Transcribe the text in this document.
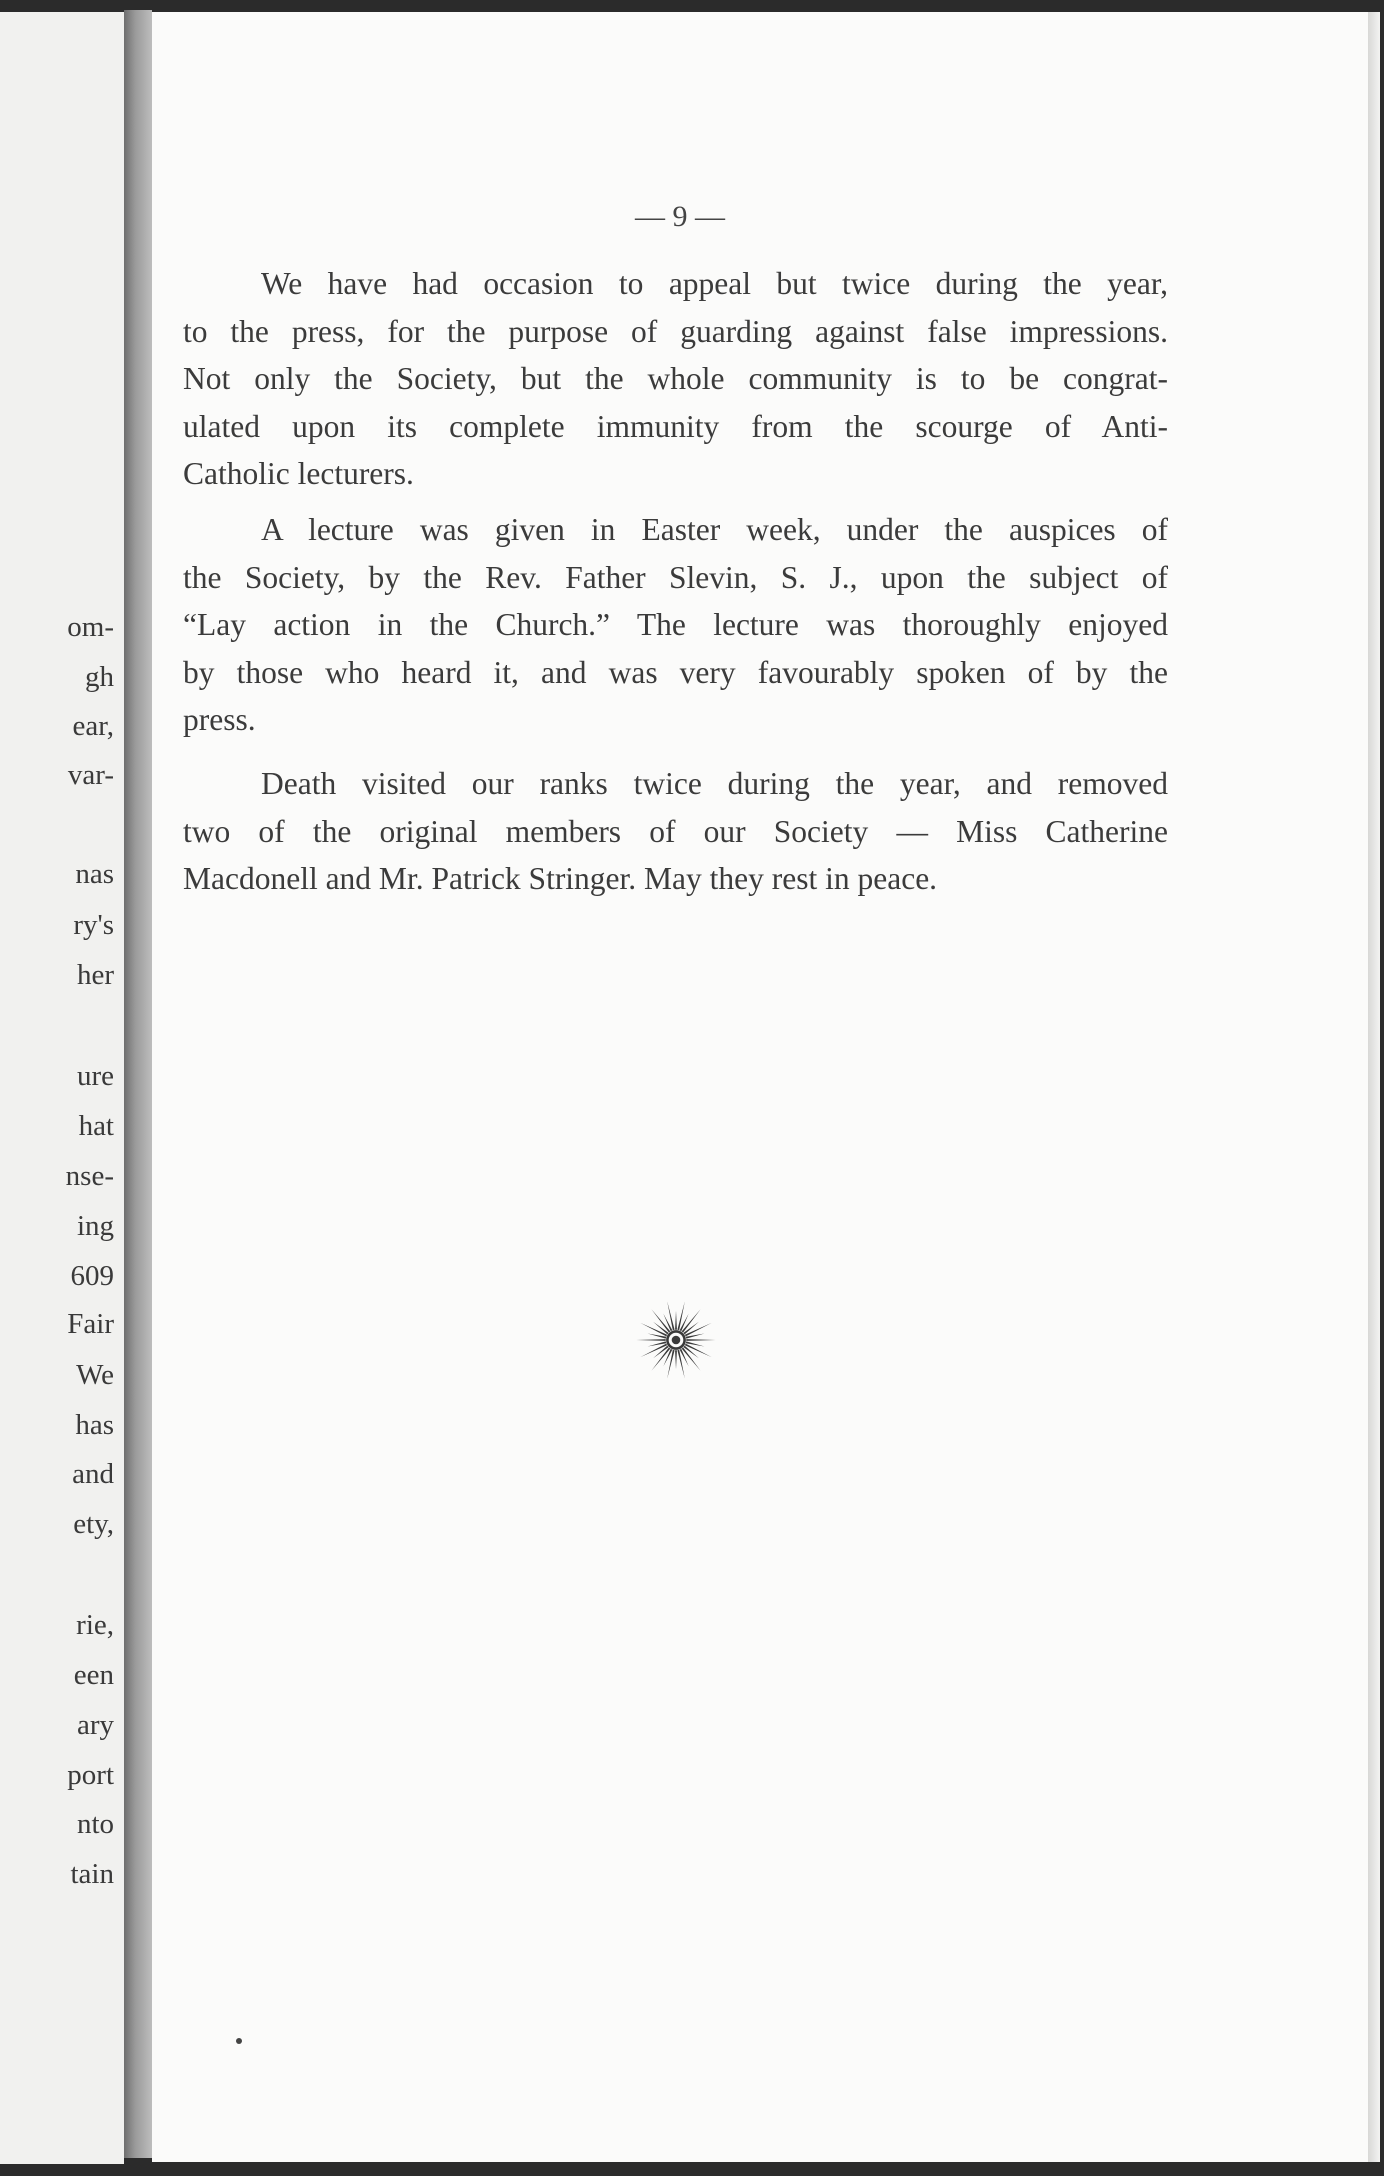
om-

gh

ear,

var-

nas

ry's

her

ure

hat

nse-

ing

609

Fair

We

has

and

ety,

rie,

een

ary

port

nto

tain

— 9 —

We have had occasion to appeal but twice during the year,
to the press, for the purpose of guarding against false impressions.
Not only the Society, but the whole community is to be congrat-
ulated upon its complete immunity from the scourge of Anti-
Catholic lecturers.

A lecture was given in Easter week, under the auspices of
the Society, by the Rev. Father Slevin, S. J., upon the subject of
“Lay action in the Church.” The lecture was thoroughly enjoyed
by those who heard it, and was very favourably spoken of by the
press.

Death visited our ranks twice during the year, and removed
two of the original members of our Society — Miss Catherine
Macdonell and Mr. Patrick Stringer. May they rest in peace.
